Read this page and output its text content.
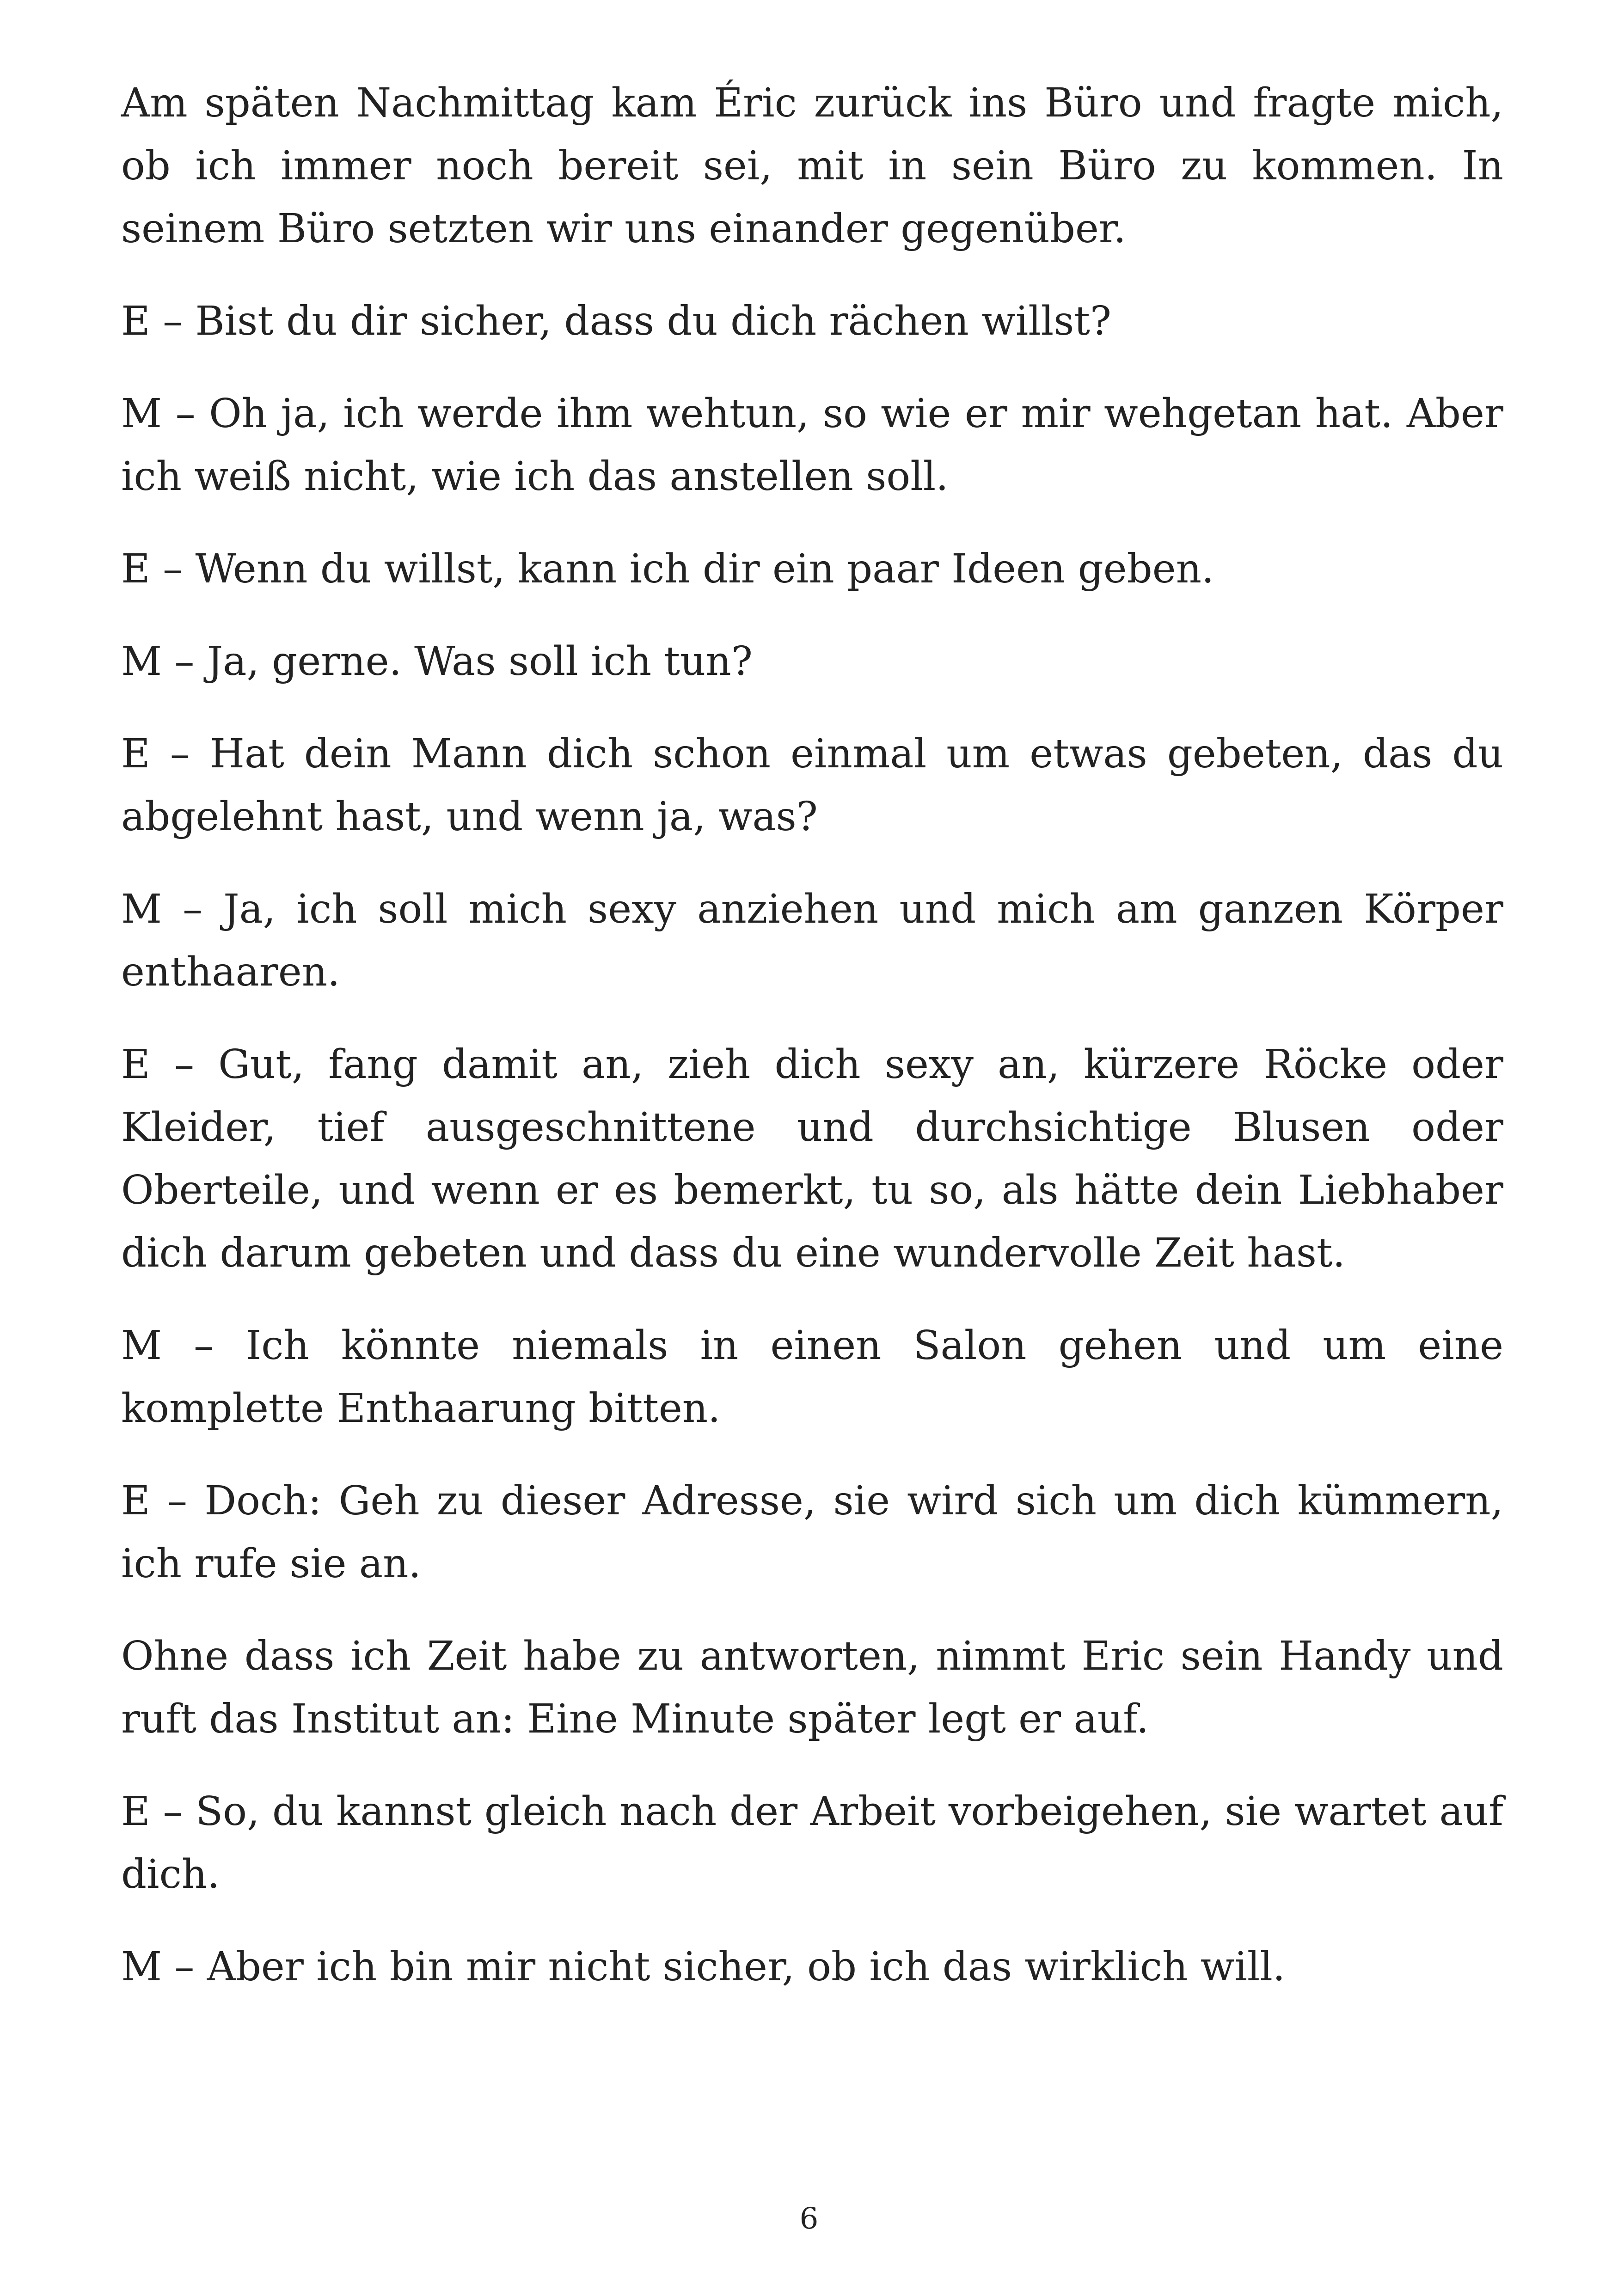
Am späten Nachmittag kam Éric zurück ins Büro und fragte mich, ob ich immer noch bereit sei, mit in sein Büro zu kommen. In seinem Büro setzten wir uns einander gegenüber.

E – Bist du dir sicher, dass du dich rächen willst?

M – Oh ja, ich werde ihm wehtun, so wie er mir wehgetan hat. Aber ich weiß nicht, wie ich das anstellen soll.

E – Wenn du willst, kann ich dir ein paar Ideen geben.

M – Ja, gerne. Was soll ich tun?

E – Hat dein Mann dich schon einmal um etwas gebeten, das du abgelehnt hast, und wenn ja, was?

M – Ja, ich soll mich sexy anziehen und mich am ganzen Körper enthaaren.

E – Gut, fang damit an, zieh dich sexy an, kürzere Röcke oder Kleider, tief ausgeschnittene und durchsichtige Blusen oder Oberteile, und wenn er es bemerkt, tu so, als hätte dein Liebhaber dich darum gebeten und dass du eine wundervolle Zeit hast.

M – Ich könnte niemals in einen Salon gehen und um eine komplette Enthaarung bitten.

E – Doch: Geh zu dieser Adresse, sie wird sich um dich kümmern, ich rufe sie an.

Ohne dass ich Zeit habe zu antworten, nimmt Eric sein Handy und ruft das Institut an: Eine Minute später legt er auf.

E – So, du kannst gleich nach der Arbeit vorbeigehen, sie wartet auf dich.

M – Aber ich bin mir nicht sicher, ob ich das wirklich will.

6
